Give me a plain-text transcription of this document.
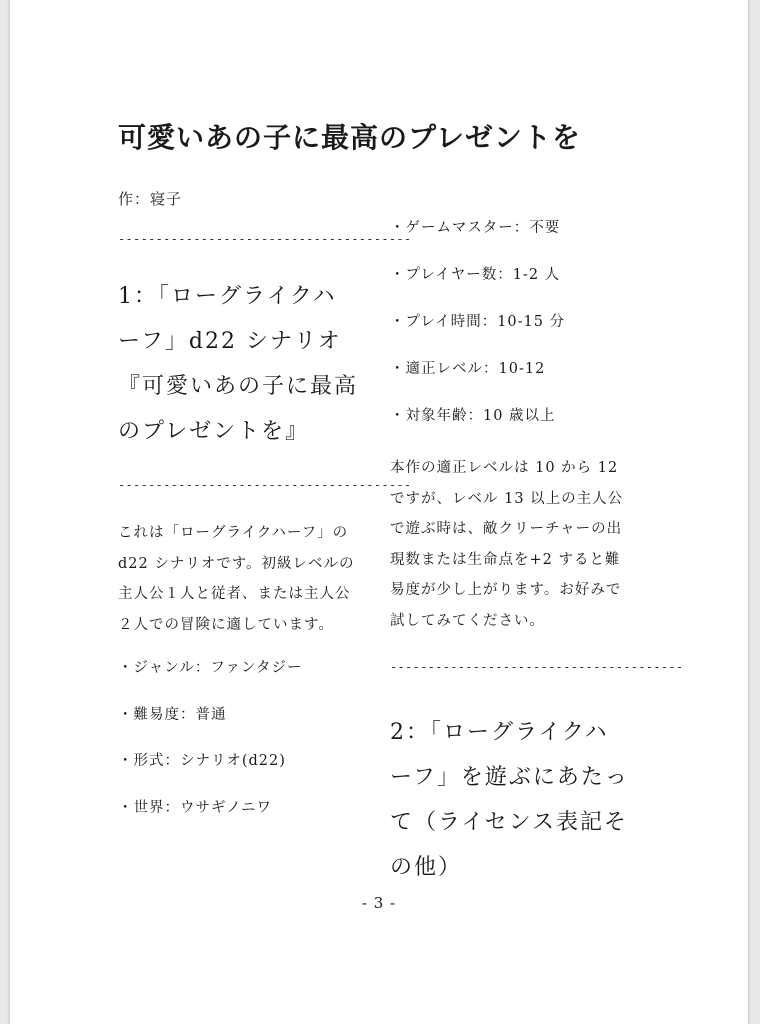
可愛いあの子に最高のプレゼントを
作：寝子
---------------------------------------
1：「ローグライクハーフ」d22 シナリオ『可愛いあの子に最高のプレゼントを』
---------------------------------------

これは「ローグライクハーフ」の d22 シナリオです。初級レベルの主人公１人と従者、または主人公２人での冒険に適しています。

・ジャンル：ファンタジー
・難易度：普通
・形式：シナリオ(d22)
・世界：ウサギノニワ
・ゲームマスター：不要
・プレイヤー数：1-2 人
・プレイ時間：10-15 分
・適正レベル：10-12
・対象年齢：10 歳以上

本作の適正レベルは 10 から 12 ですが、レベル 13 以上の主人公で遊ぶ時は、敵クリーチャーの出現数または生命点を+2 すると難易度が少し上がります。お好みで試してみてください。

---------------------------------------
2：「ローグライクハーフ」を遊ぶにあたって（ライセンス表記その他）
- 3 -
